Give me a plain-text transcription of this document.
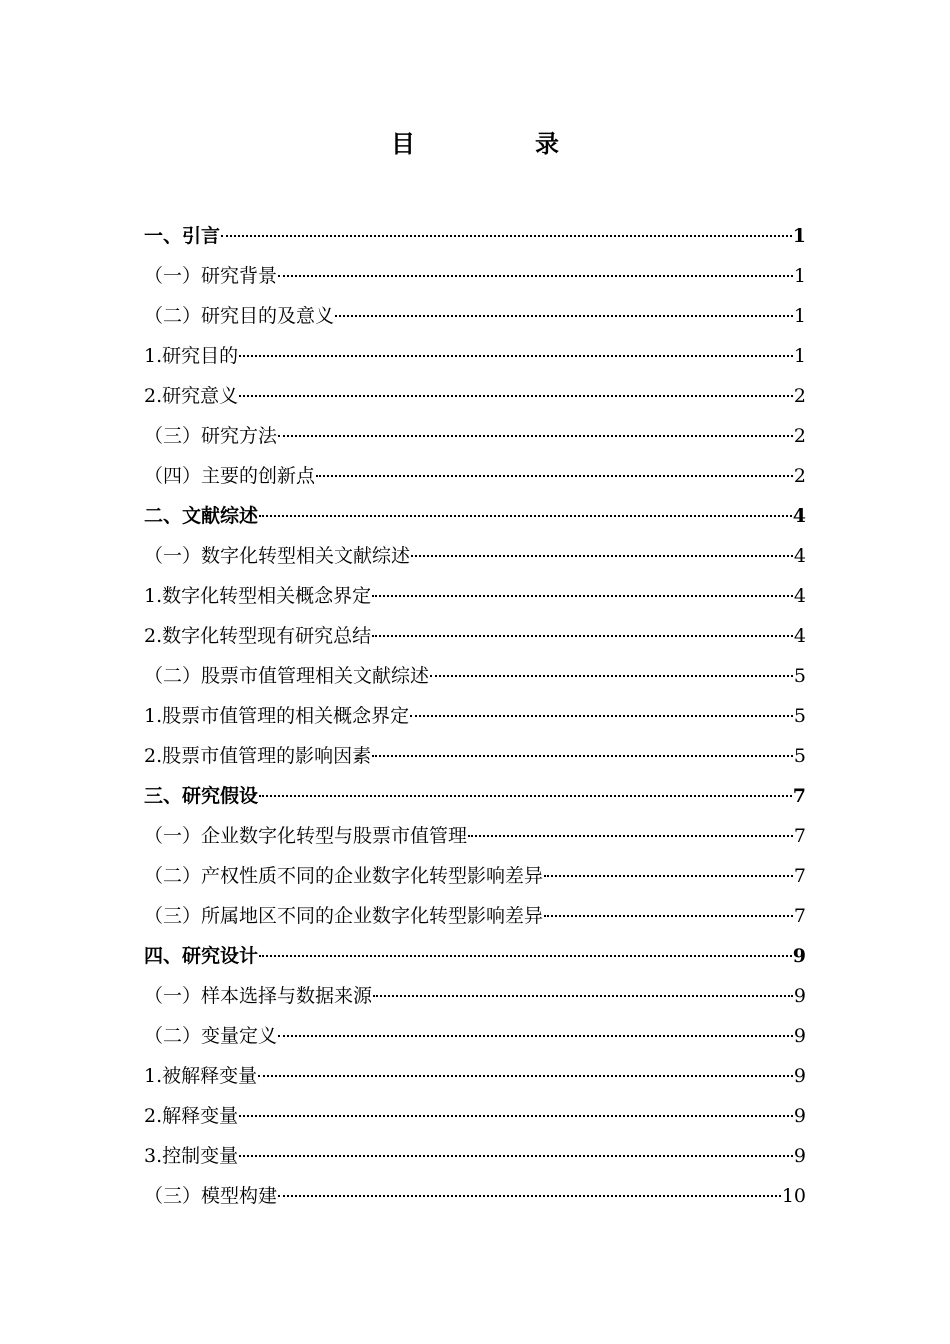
目　录
一、引言	1
（一）研究背景	1
（二）研究目的及意义	1
1.研究目的	1
2.研究意义	2
（三）研究方法	2
（四）主要的创新点	2
二、文献综述	4
（一）数字化转型相关文献综述	4
1.数字化转型相关概念界定	4
2.数字化转型现有研究总结	4
（二）股票市值管理相关文献综述	5
1.股票市值管理的相关概念界定	5
2.股票市值管理的影响因素	5
三、研究假设	7
（一）企业数字化转型与股票市值管理	7
（二）产权性质不同的企业数字化转型影响差异	7
（三）所属地区不同的企业数字化转型影响差异	7
四、研究设计	9
（一）样本选择与数据来源	9
（二）变量定义	9
1.被解释变量	9
2.解释变量	9
3.控制变量	9
（三）模型构建	10
